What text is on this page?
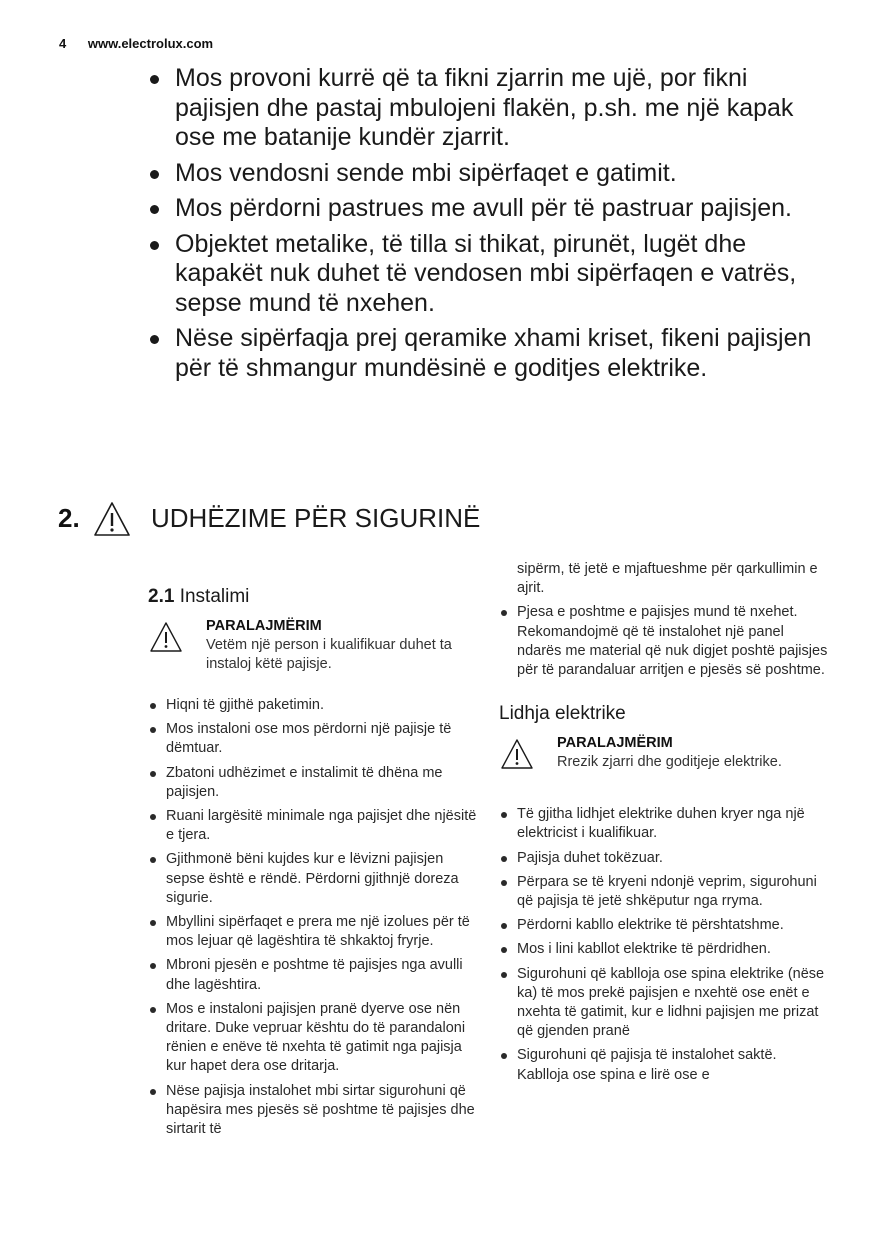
4 www.electrolux.com
Mos provoni kurrë që ta fikni zjarrin me ujë, por fikni pajisjen dhe pastaj mbulojeni flakën, p.sh. me një kapak ose me batanije kundër zjarrit.
Mos vendosni sende mbi sipërfaqet e gatimit.
Mos përdorni pastrues me avull për të pastruar pajisjen.
Objektet metalike, të tilla si thikat, pirunët, lugët dhe kapakët nuk duhet të vendosen mbi sipërfaqen e vatrës, sepse mund të nxehen.
Nëse sipërfaqja prej qeramike xhami kriset, fikeni pajisjen për të shmangur mundësinë e goditjes elektrike.
2.	UDHËZIME PËR SIGURINË

2.1 Instalimi

PARALAJMËRIM
Vetëm një person i kualifikuar duhet ta instaloj këtë pajisje.
Hiqni të gjithë paketimin.
Mos instaloni ose mos përdorni një pajisje të dëmtuar.
Zbatoni udhëzimet e instalimit të dhëna me pajisjen.
Ruani largësitë minimale nga pajisjet dhe njësitë e tjera.
Gjithmonë bëni kujdes kur e lëvizni pajisjen sepse është e rëndë. Përdorni gjithnjë doreza sigurie.
Mbyllini sipërfaqet e prera me një izolues për të mos lejuar që lagështira të shkaktoj fryrje.
Mbroni pjesën e poshtme të pajisjes nga avulli dhe lagështira.
Mos e instaloni pajisjen pranë dyerve ose nën dritare. Duke vepruar kështu do të parandaloni rënien e enëve të nxehta të gatimit nga pajisja kur hapet dera ose dritarja.
Nëse pajisja instalohet mbi sirtar sigurohuni që hapësira mes pjesës së poshtme të pajisjes dhe sirtarit të
sipërm, të jetë e mjaftueshme për qarkullimin e ajrit.
Pjesa e poshtme e pajisjes mund të nxehet. Rekomandojmë që të instalohet një panel ndarës me material që nuk digjet poshtë pajisjes për të parandaluar arritjen e pjesës së poshtme.

Lidhja elektrike

PARALAJMËRIM
Rrezik zjarri dhe goditjeje elektrike.
Të gjitha lidhjet elektrike duhen kryer nga një elektricist i kualifikuar.
Pajisja duhet tokëzuar.
Përpara se të kryeni ndonjë veprim, sigurohuni që pajisja të jetë shkëputur nga rryma.
Përdorni kabllo elektrike të përshtatshme.
Mos i lini kabllot elektrike të përdridhen.
Sigurohuni që kablloja ose spina elektrike (nëse ka) të mos prekë pajisjen e nxehtë ose enët e nxehta të gatimit, kur e lidhni pajisjen me prizat që gjenden pranë
Sigurohuni që pajisja të instalohet saktë. Kablloja ose spina e lirë ose e
